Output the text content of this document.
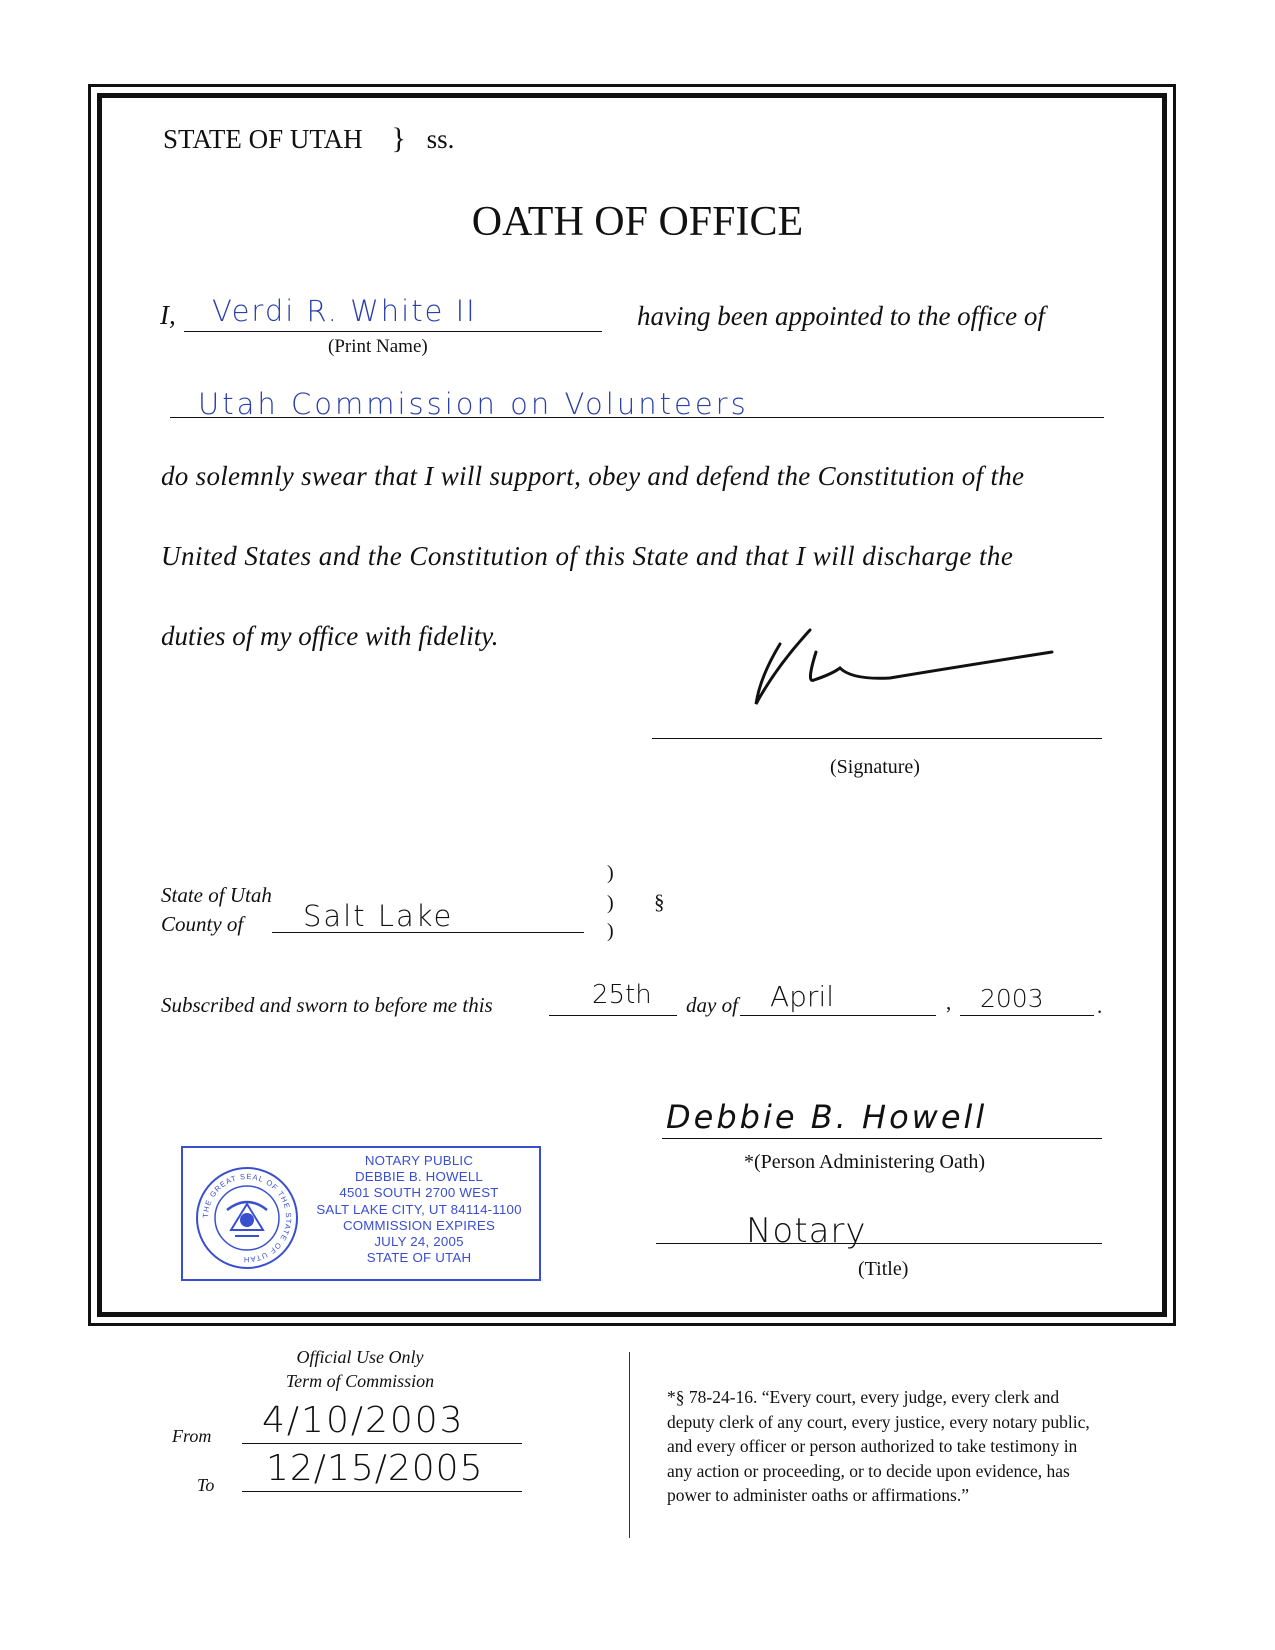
STATE OF UTAH } ss.
OATH OF OFFICE
I, Verdi R. White II
(Print Name)
having been appointed to the office of
Utah Commission on Volunteers
do solemnly swear that I will support, obey and defend the Constitution of the
United States and the Constitution of this State and that I will discharge the
duties of my office with fidelity.
(Signature)
State of Utah
County of Salt Lake
)
)
)
§
Subscribed and sworn to before me this	25th day of April	, 2003	.
Debbie B. Howell
*(Person Administering Oath)
Notary
(Title)
THE GREAT SEAL OF THE STATE OF UTAH
NOTARY PUBLIC
DEBBIE B. HOWELL
4501 SOUTH 2700 WEST
SALT LAKE CITY, UT 84114-1100
COMMISSION EXPIRES
JULY 24, 2005
STATE OF UTAH
Official Use Only
Term of Commission
From 4/10/2003
To 12/15/2005
*§ 78-24-16. “Every court, every judge, every clerk and
deputy clerk of any court, every justice, every notary public,
and every officer or person authorized to take testimony in
any action or proceeding, or to decide upon evidence, has
power to administer oaths or affirmations.”
